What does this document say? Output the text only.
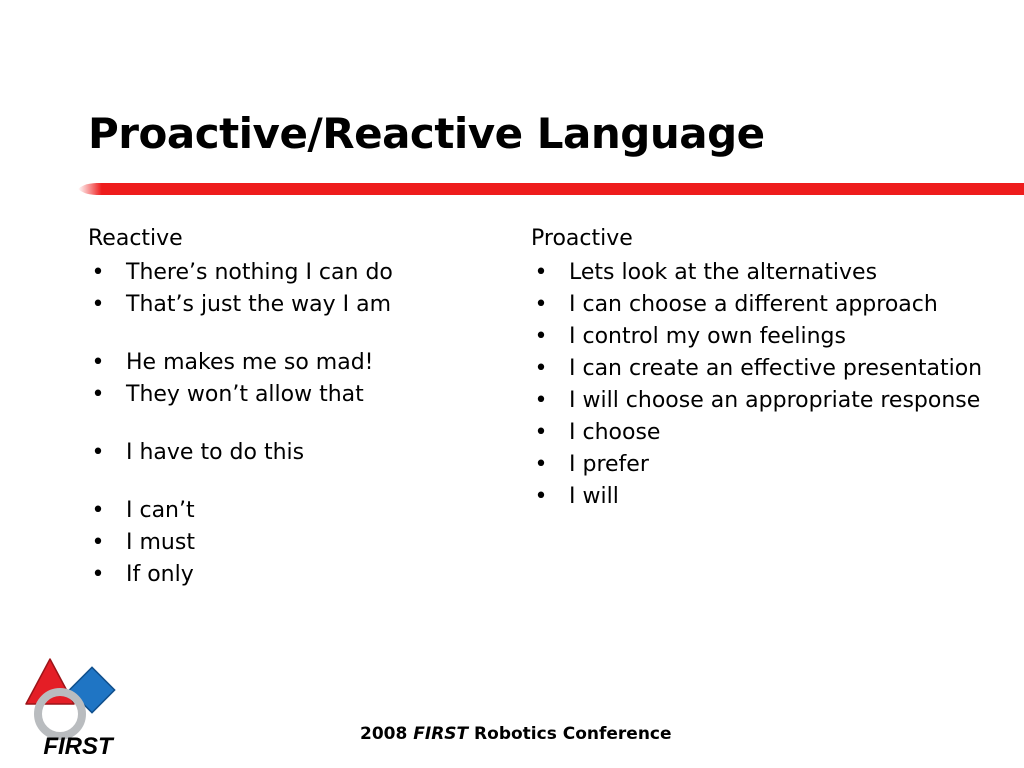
Proactive/Reactive Language
Reactive
• There’s nothing I can do
• That’s just the way I am
• He makes me so mad!
• They won’t allow that
• I have to do this
• I can’t
• I must
• If only
Proactive
• Lets look at the alternatives
• I can choose a different approach
• I control my own feelings
• I can create an effective presentation
• I will choose an appropriate response
• I choose
• I prefer
• I will
FIRST	2008 FIRST Robotics Conference
